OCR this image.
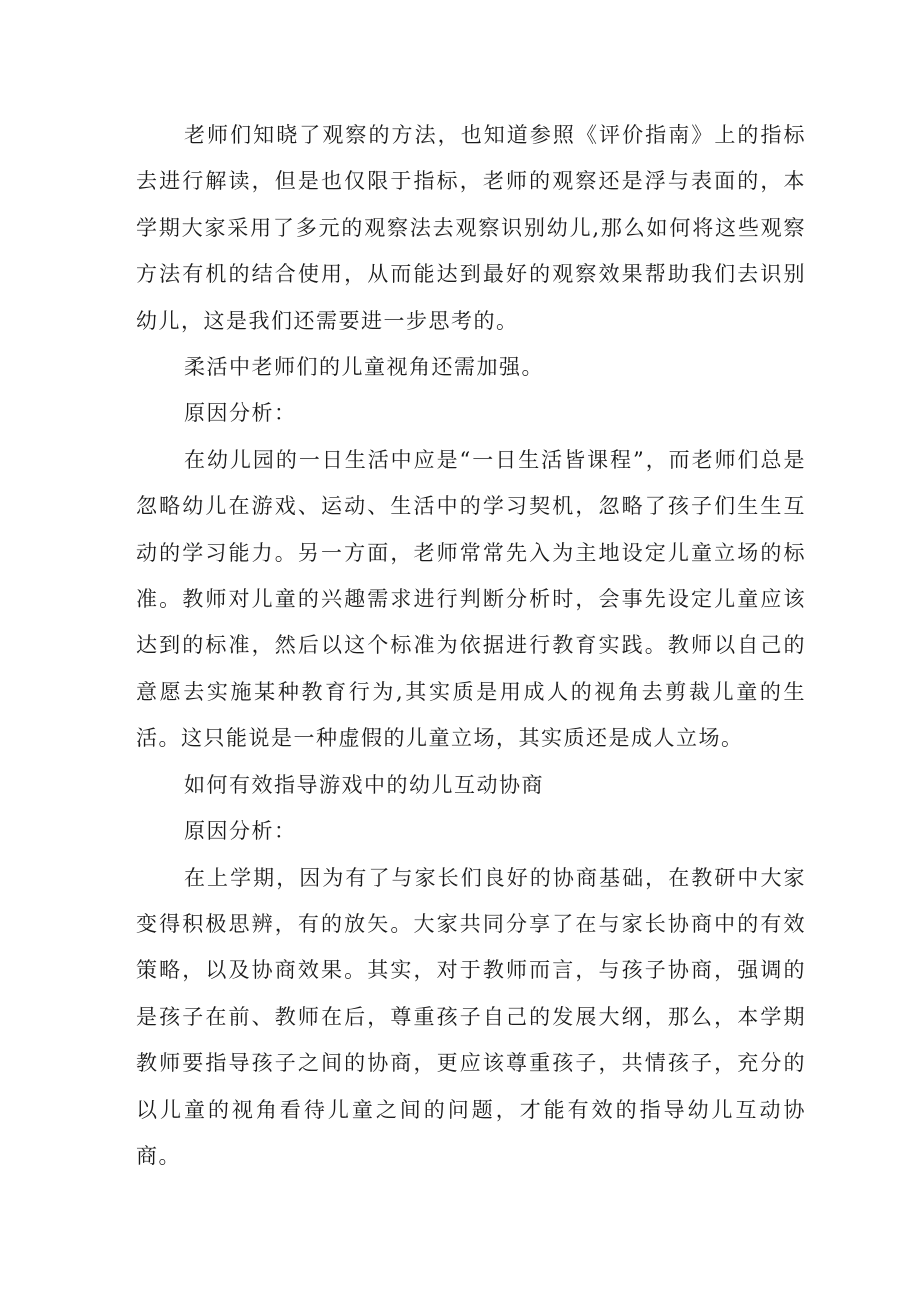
老师们知晓了观察的方法，也知道参照《评价指南》上的指标去进行解读，但是也仅限于指标，老师的观察还是浮与表面的，本学期大家采用了多元的观察法去观察识别幼儿,那么如何将这些观察方法有机的结合使用，从而能达到最好的观察效果帮助我们去识别幼儿，这是我们还需要进一步思考的。

柔活中老师们的儿童视角还需加强。

原因分析：

在幼儿园的一日生活中应是“一日生活皆课程”，而老师们总是忽略幼儿在游戏、运动、生活中的学习契机，忽略了孩子们生生互动的学习能力。另一方面，老师常常先入为主地设定儿童立场的标准。教师对儿童的兴趣需求进行判断分析时，会事先设定儿童应该达到的标准，然后以这个标准为依据进行教育实践。教师以自己的意愿去实施某种教育行为,其实质是用成人的视角去剪裁儿童的生活。这只能说是一种虚假的儿童立场，其实质还是成人立场。

如何有效指导游戏中的幼儿互动协商

原因分析：

在上学期，因为有了与家长们良好的协商基础，在教研中大家变得积极思辨，有的放矢。大家共同分享了在与家长协商中的有效策略，以及协商效果。其实，对于教师而言，与孩子协商，强调的是孩子在前、教师在后，尊重孩子自己的发展大纲，那么，本学期教师要指导孩子之间的协商，更应该尊重孩子，共情孩子，充分的以儿童的视角看待儿童之间的问题，才能有效的指导幼儿互动协商。
